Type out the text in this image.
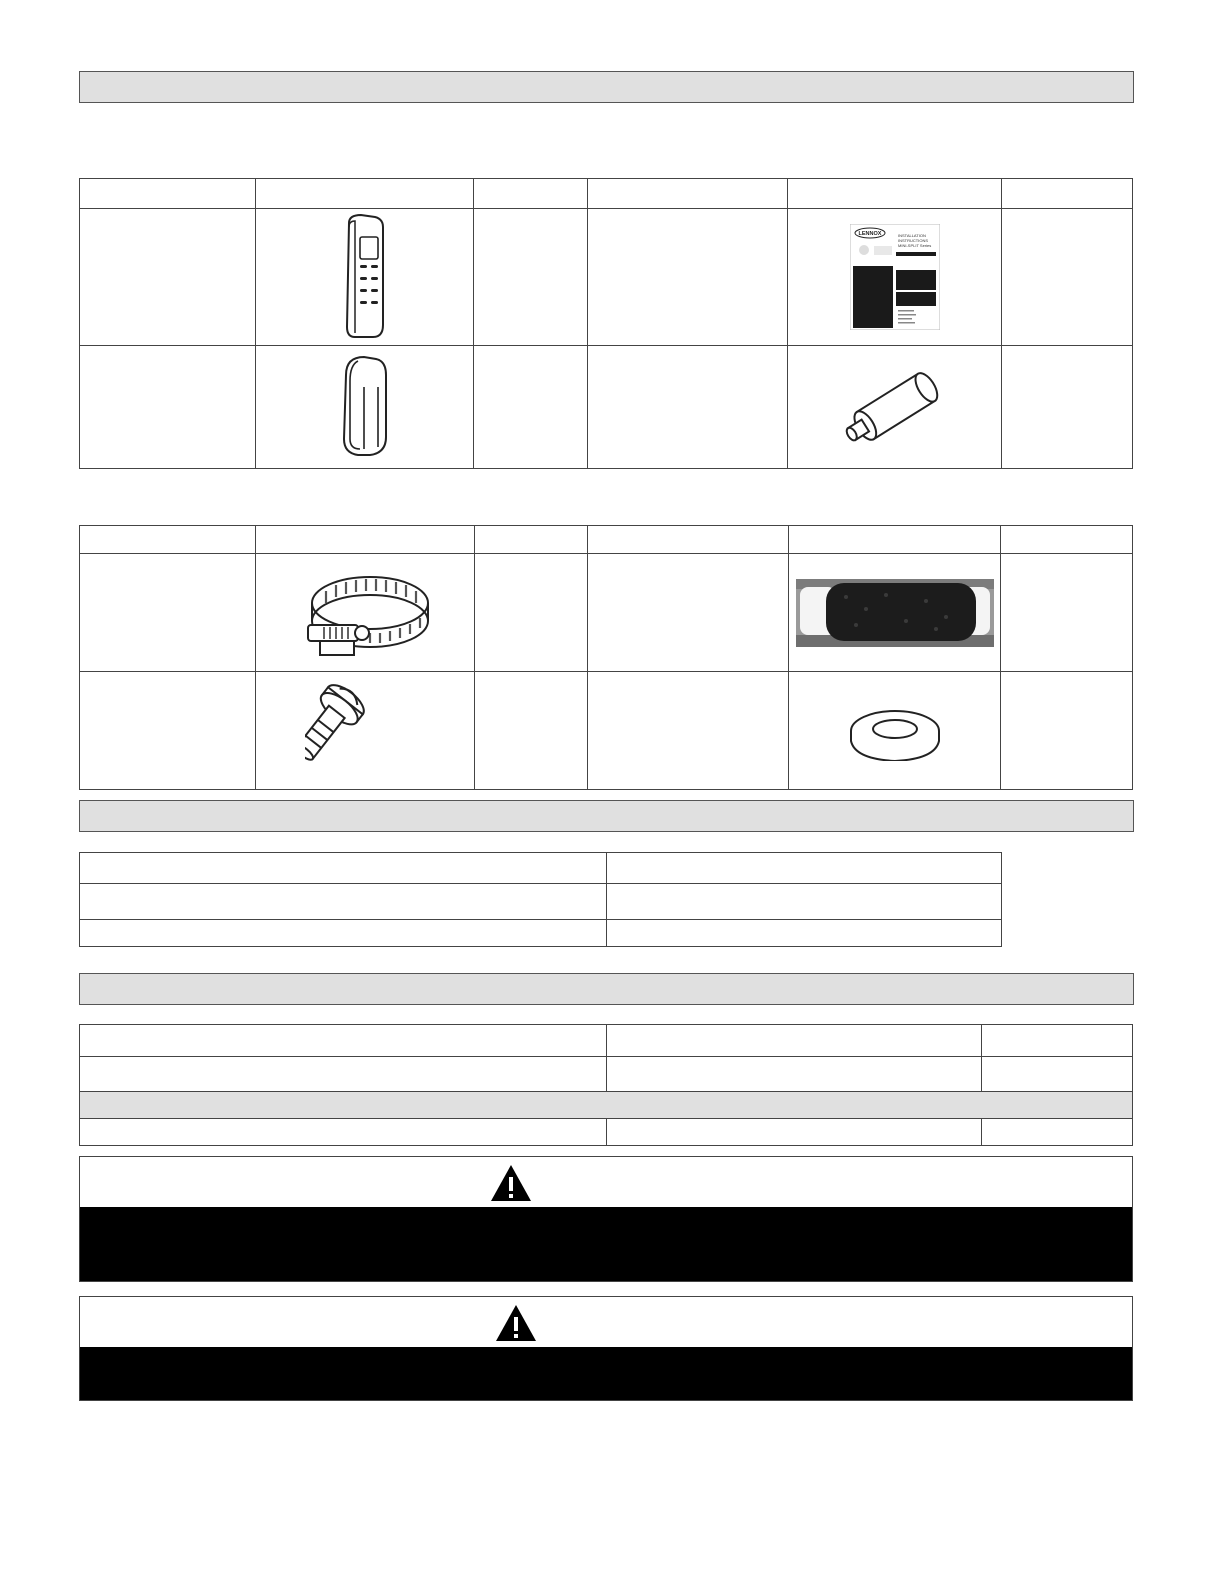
LENNOX INSTALLATION
INSTRUCTIONS
MINI-SPLIT Series	
